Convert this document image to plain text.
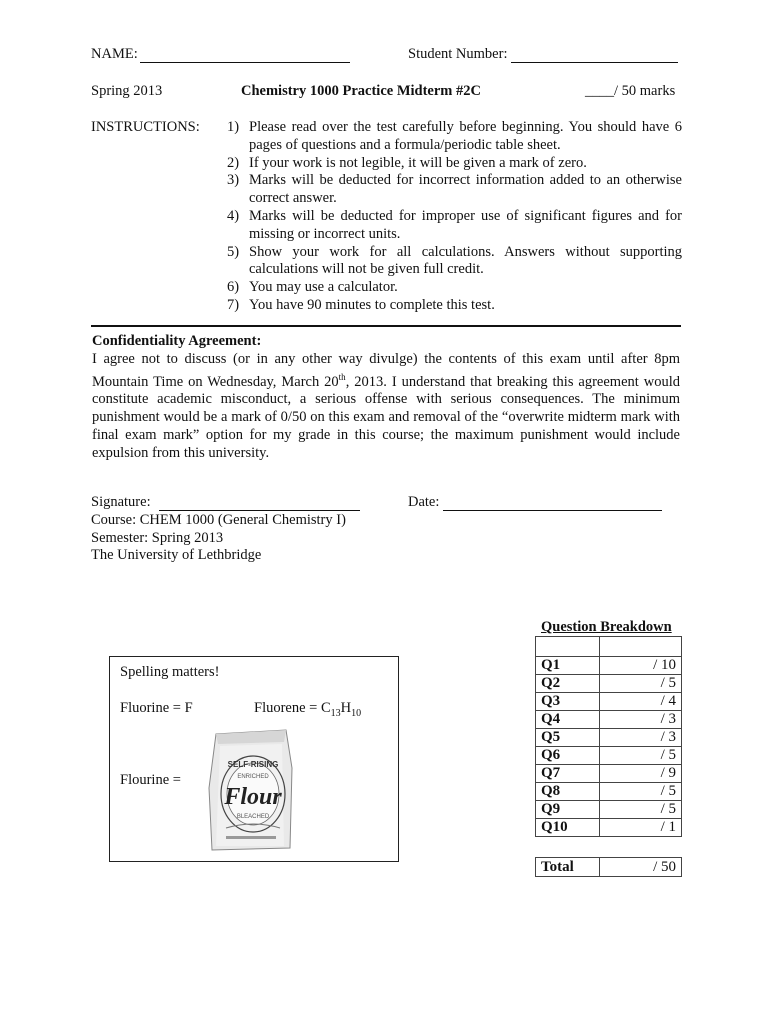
NAME:	Student Number:
Spring 2013	Chemistry 1000 Practice Midterm #2C	____/ 50 marks
INSTRUCTIONS: 1) Please read over the test carefully before beginning. You should have 6 pages of questions and a formula/periodic table sheet.
2) If your work is not legible, it will be given a mark of zero.
3) Marks will be deducted for incorrect information added to an otherwise correct answer.
4) Marks will be deducted for improper use of significant figures and for missing or incorrect units.
5) Show your work for all calculations. Answers without supporting calculations will not be given full credit.
6) You may use a calculator.
7) You have 90 minutes to complete this test.
Confidentiality Agreement:
I agree not to discuss (or in any other way divulge) the contents of this exam until after 8pm Mountain Time on Wednesday, March 20th, 2013. I understand that breaking this agreement would constitute academic misconduct, a serious offense with serious consequences. The minimum punishment would be a mark of 0/50 on this exam and removal of the “overwrite midterm mark with final exam mark” option for my grade in this course; the maximum punishment would include expulsion from this university.
Signature:	Date:
Course: CHEM 1000 (General Chemistry I)
Semester: Spring 2013
The University of Lethbridge
Spelling matters!
Fluorine = F	Fluorene = $C_{13}H_{10}$
Flourine =
SELF-RISING
ENRICHED
Flour
BLEACHED
Question Breakdown

Q1	/ 10
Q2	/ 5
Q3	/ 4
Q4	/ 3
Q5	/ 3
Q6	/ 5
Q7	/ 9
Q8	/ 5
Q9	/ 5
Q10	/ 1
Total	/ 50
